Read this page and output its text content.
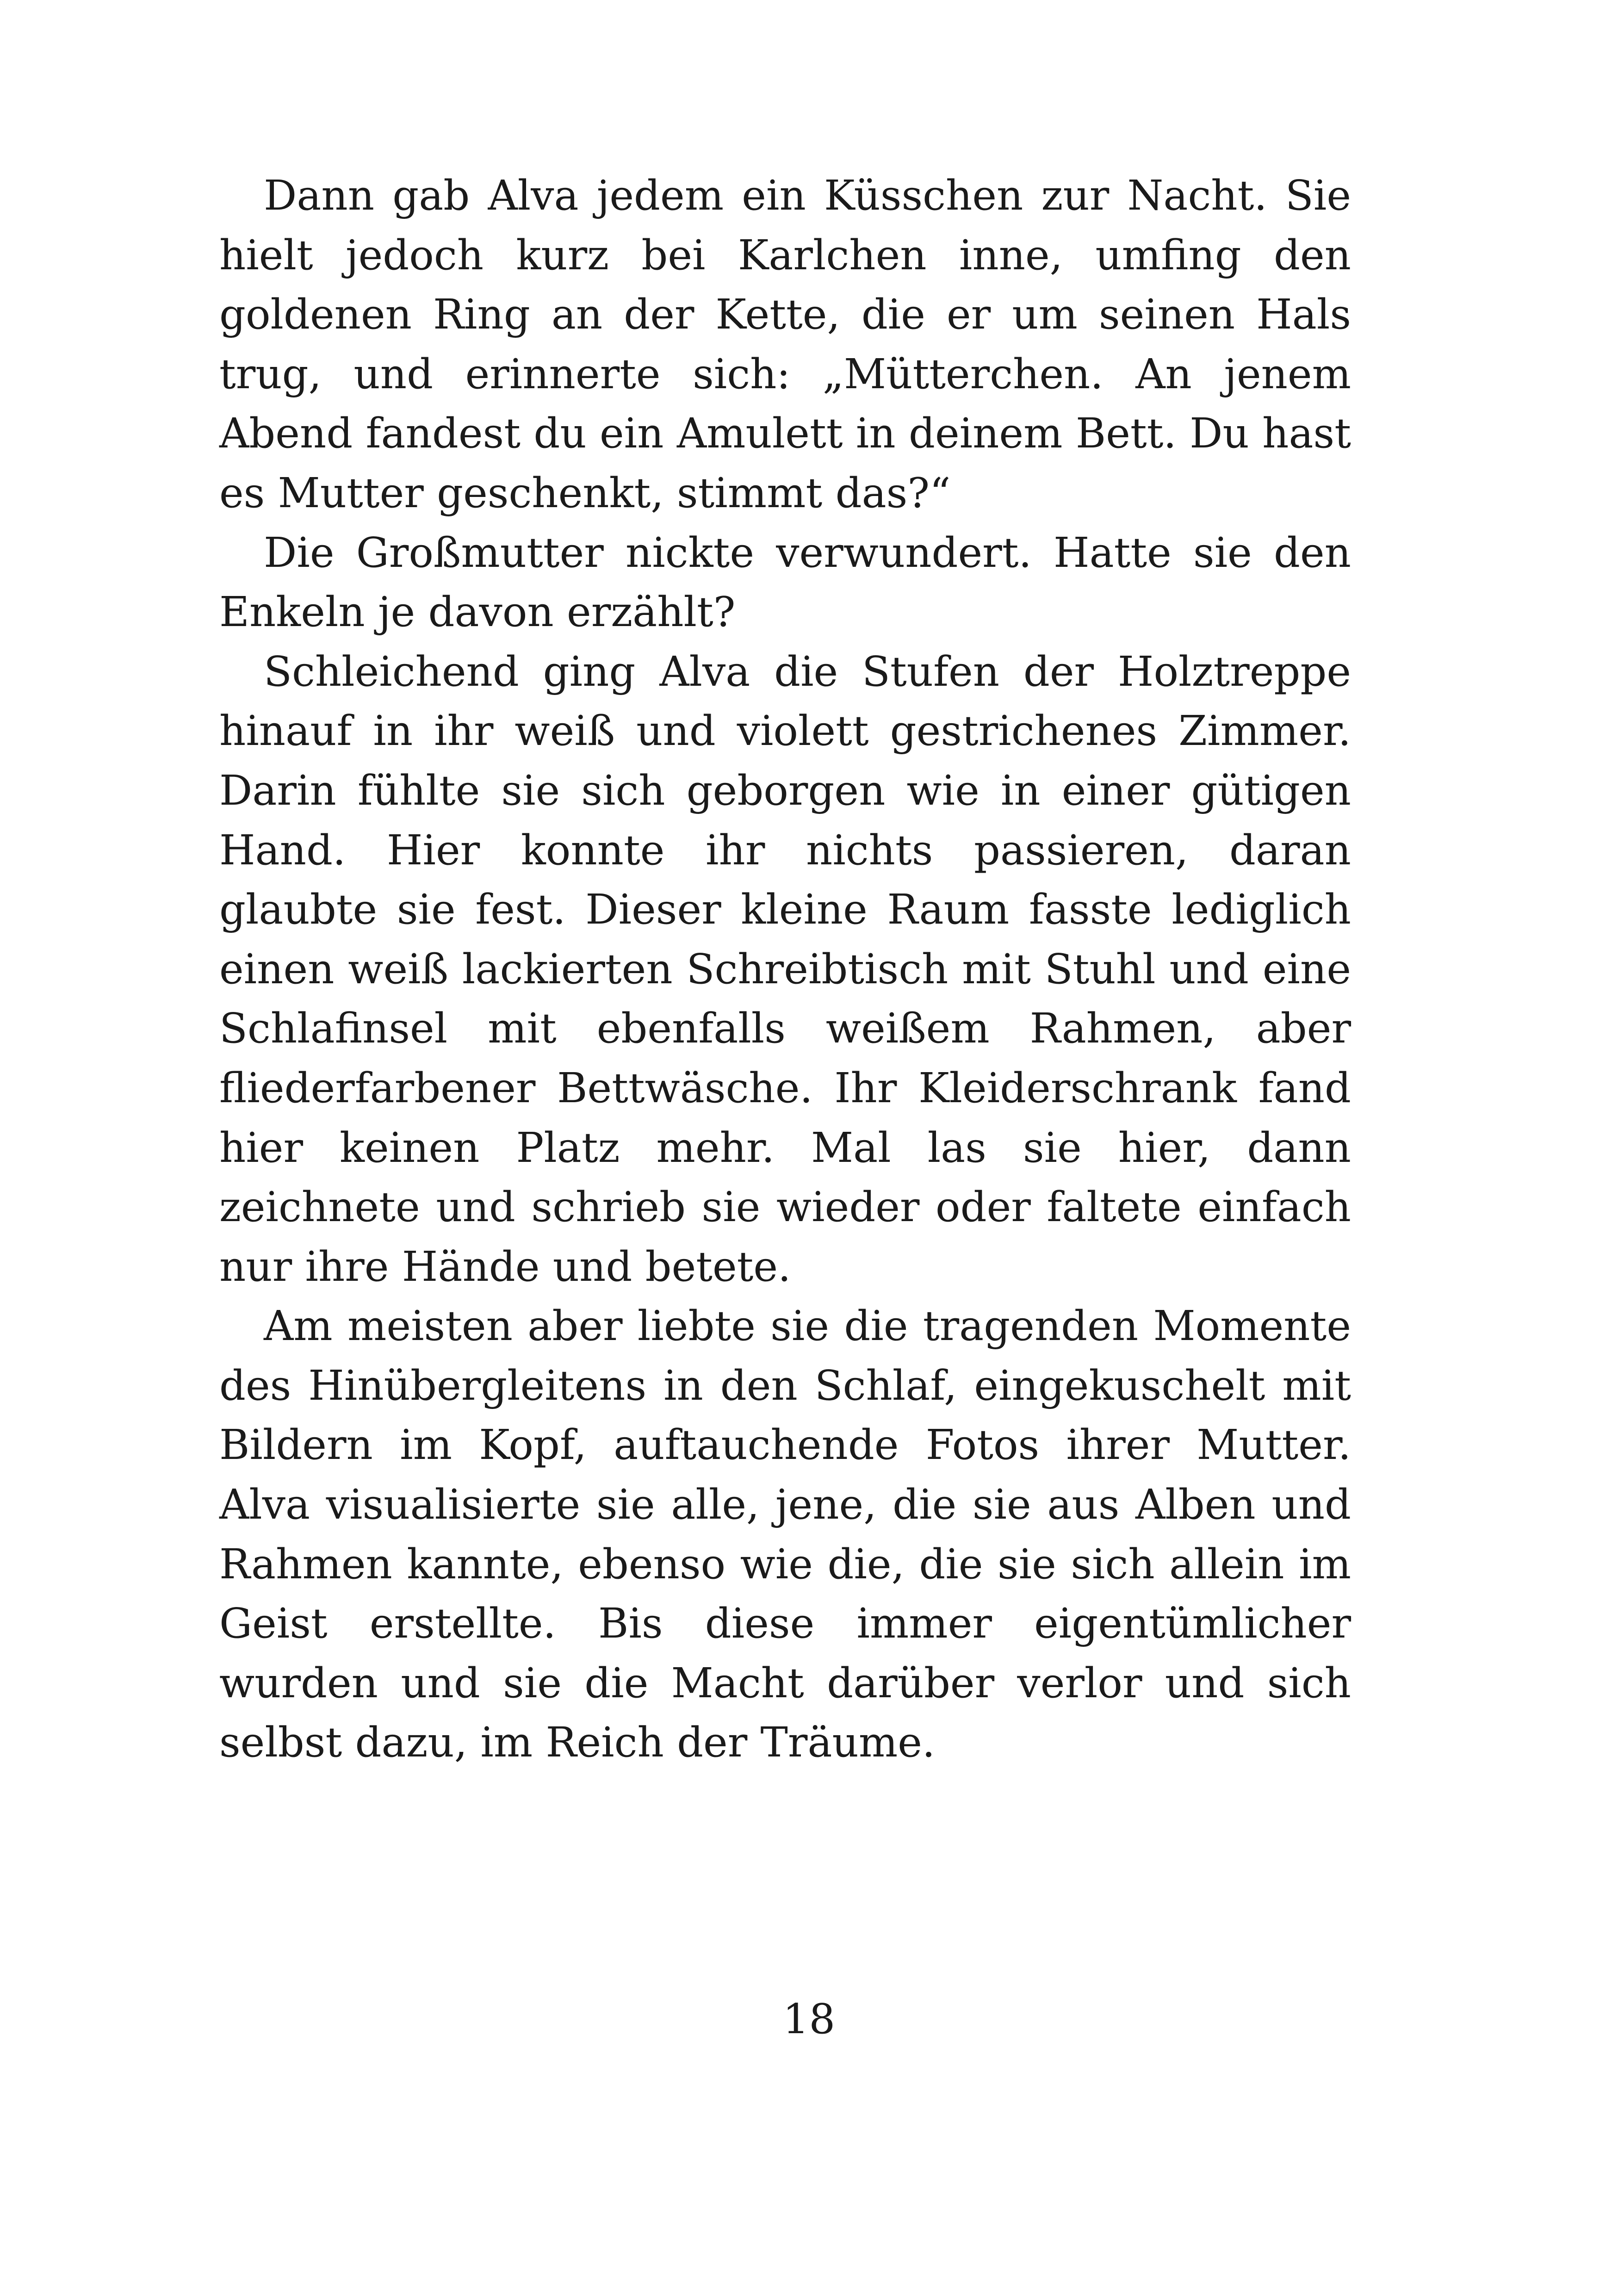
Dann gab Alva jedem ein Küsschen zur Nacht. Sie hielt jedoch kurz bei Karlchen inne, umfing den goldenen Ring an der Kette, die er um seinen Hals trug, und erinnerte sich: „Mütterchen. An jenem Abend fandest du ein Amulett in deinem Bett. Du hast es Mutter geschenkt, stimmt das?“

Die Großmutter nickte verwundert. Hatte sie den Enkeln je davon erzählt?

Schleichend ging Alva die Stufen der Holztreppe hinauf in ihr weiß und violett gestrichenes Zimmer. Darin fühlte sie sich geborgen wie in einer gütigen Hand. Hier konnte ihr nichts passieren, daran glaubte sie fest. Dieser kleine Raum fasste lediglich einen weiß lackierten Schreibtisch mit Stuhl und eine Schlafinsel mit ebenfalls weißem Rahmen, aber fliederfarbener Bettwäsche. Ihr Kleiderschrank fand hier keinen Platz mehr. Mal las sie hier, dann zeichnete und schrieb sie wieder oder faltete einfach nur ihre Hände und betete.

Am meisten aber liebte sie die tragenden Momente des Hinübergleitens in den Schlaf, eingekuschelt mit Bildern im Kopf, auftauchende Fotos ihrer Mutter. Alva visualisierte sie alle, jene, die sie aus Alben und Rahmen kannte, ebenso wie die, die sie sich allein im Geist erstellte. Bis diese immer eigentümlicher wurden und sie die Macht darüber verlor und sich selbst dazu, im Reich der Träume.

18
